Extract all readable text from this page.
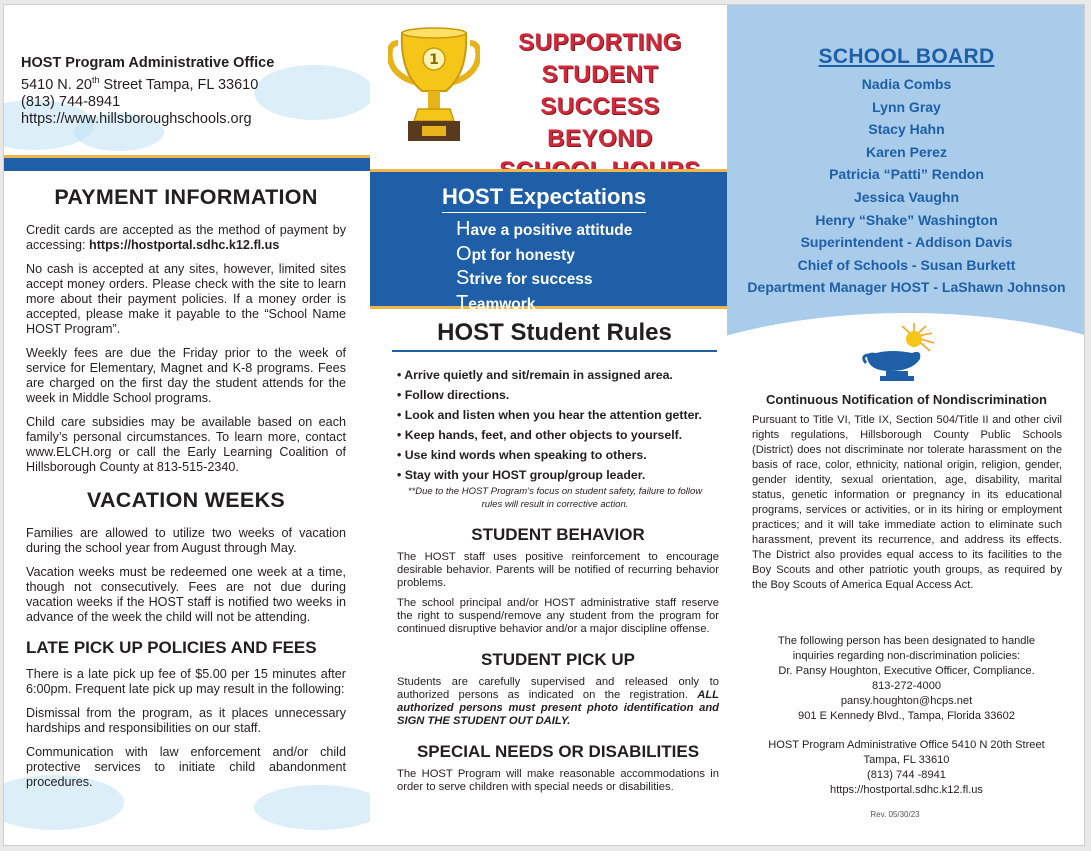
HOST Program Administrative Office
5410 N. 20th Street Tampa, FL 33610
(813) 744-8941
https://www.hillsboroughschools.org
PAYMENT INFORMATION

Credit cards are accepted as the method of payment by accessing: https://hostportal.sdhc.k12.fl.us

No cash is accepted at any sites, however, limited sites accept money orders. Please check with the site to learn more about their payment policies. If a money order is accepted, please make it payable to the “School Name HOST Program”.

Weekly fees are due the Friday prior to the week of service for Elementary, Magnet and K-8 programs. Fees are charged on the first day the student attends for the week in Middle School programs.

Child care subsidies may be available based on each family’s personal circumstances. To learn more, contact www.ELCH.org or call the Early Learning Coalition of Hillsborough County at 813-515-2340.

VACATION WEEKS

Families are allowed to utilize two weeks of vacation during the school year from August through May.

Vacation weeks must be redeemed one week at a time, though not consecutively. Fees are not due during vacation weeks if the HOST staff is notified two weeks in advance of the week the child will not be attending.

LATE PICK UP POLICIES AND FEES

There is a late pick up fee of $5.00 per 15 minutes after 6:00pm. Frequent late pick up may result in the following:

Dismissal from the program, as it places unnecessary hardships and responsibilities on our staff.

Communication with law enforcement and/or child protective services to initiate child abandonment procedures.

1
SUPPORTING
STUDENT SUCCESS
BEYOND
HOST Expectations
Have a positive attitude
Opt for honesty
Strive for success
Teamwork
HOST Student Rules
• Arrive quietly and sit/remain in assigned area.
• Follow directions.
• Look and listen when you hear the attention getter.
• Keep hands, feet, and other objects to yourself.
• Use kind words when speaking to others.
• Stay with your HOST group/group leader.
**Due to the HOST Program’s focus on student safety, failure to follow rules will result in corrective action.
STUDENT BEHAVIOR

The HOST staff uses positive reinforcement to encourage desirable behavior. Parents will be notified of recurring behavior problems.

The school principal and/or HOST administrative staff reserve the right to suspend/remove any student from the program for continued disruptive behavior and/or a major discipline offense.

STUDENT PICK UP

Students are carefully supervised and released only to authorized persons as indicated on the registration. ALL authorized persons must present photo identification and SIGN THE STUDENT OUT DAILY.

SPECIAL NEEDS OR DISABILITIES

The HOST Program will make reasonable accommodations in order to serve children with special needs or disabilities.

SCHOOL BOARD
Nadia Combs
Lynn Gray
Stacy Hahn
Karen Perez
Patricia “Patti” Rendon
Jessica Vaughn
Henry “Shake” Washington
Superintendent - Addison Davis
Chief of Schools - Susan Burkett
Department Manager HOST - LaShawn Johnson
Continuous Notification of Nondiscrimination
Pursuant to Title VI, Title IX, Section 504/Title II and other civil rights regulations, Hillsborough County Public Schools (District) does not discriminate nor tolerate harassment on the basis of race, color, ethnicity, national origin, religion, gender, gender identity, sexual orientation, age, disability, marital status, genetic information or pregnancy in its educational programs, services or activities, or in its hiring or employment practices; and it will take immediate action to eliminate such harassment, prevent its recurrence, and address its effects. The District also provides equal access to its facilities to the Boy Scouts and other patriotic youth groups, as required by the Boy Scouts of America Equal Access Act.
The following person has been designated to handle
inquiries regarding non-discrimination policies:
Dr. Pansy Houghton, Executive Officer, Compliance.
813-272-4000
pansy.houghton@hcps.net
901 E Kennedy Blvd., Tampa, Florida 33602
HOST Program Administrative Office 5410 N 20th Street
Tampa, FL 33610
(813) 744 -8941
https://hostportal.sdhc.k12.fl.us
Rev. 05/30/23
